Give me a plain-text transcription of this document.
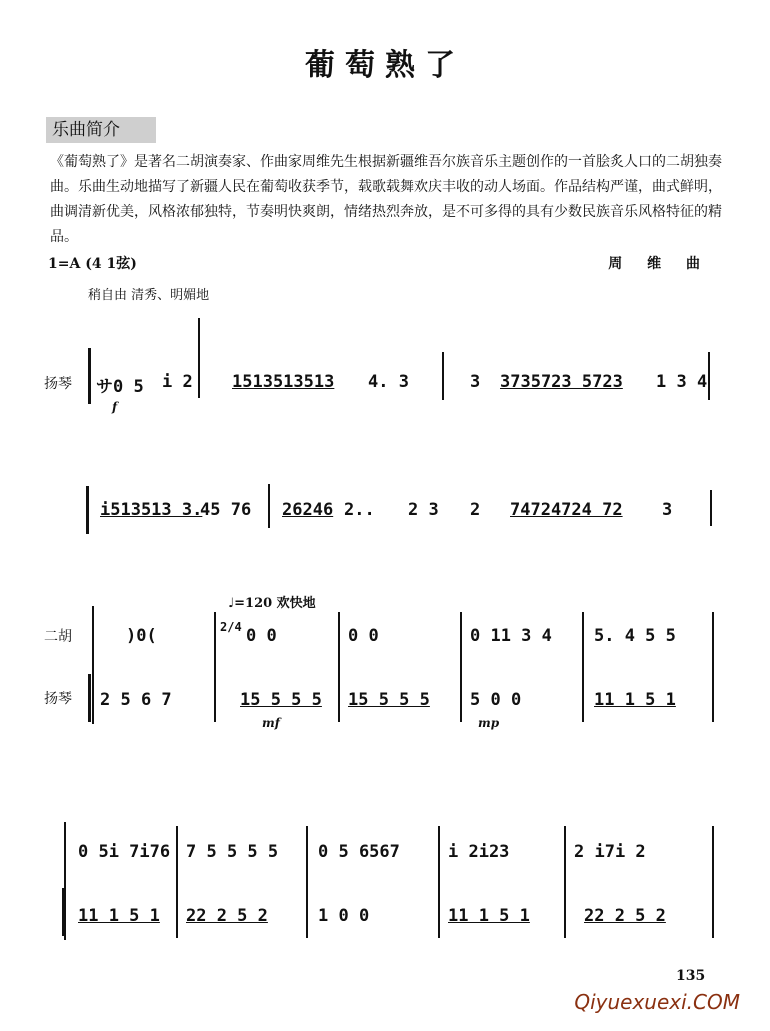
葡萄熟了
乐曲简介
《葡萄熟了》是著名二胡演奏家、作曲家周维先生根据新疆维吾尔族音乐主题创作的一首脍炙人口的二胡独奏曲。乐曲生动地描写了新疆人民在葡萄收获季节，载歌载舞欢庆丰收的动人场面。作品结构严谨，曲式鲜明，曲调清新优美，风格浓郁独特，节奏明快爽朗，情绪热烈奔放，是不可多得的具有少数民族音乐风格特征的精品。
1=A (4 1弦)	周 维 曲
稍自由 清秀、明媚地
扬琴 サ0 5 i 2 1513513513 4. 3	3 3735723 5723 1 3 4
f
i513513 3.
45 76 26246 2.. 2 3 2 74724724 72 3
♩=120 欢快地
二胡
扬琴
)0(	2/4 0 0	0 0	0 11 3 4 5. 4 5 5
2 5 6 7	15 5 5 5 15 5 5 5 5 0 0	11 1 5 1
mf	mp
0 5i 7i76 7 5 5 5 5 0 5 6567	i 2i23	2 i7i 2
11 1 5 1 22 2 5 2	1 0 0	11 1 5 1	22 2 5 2
135
Qiyuexuexi.COM
